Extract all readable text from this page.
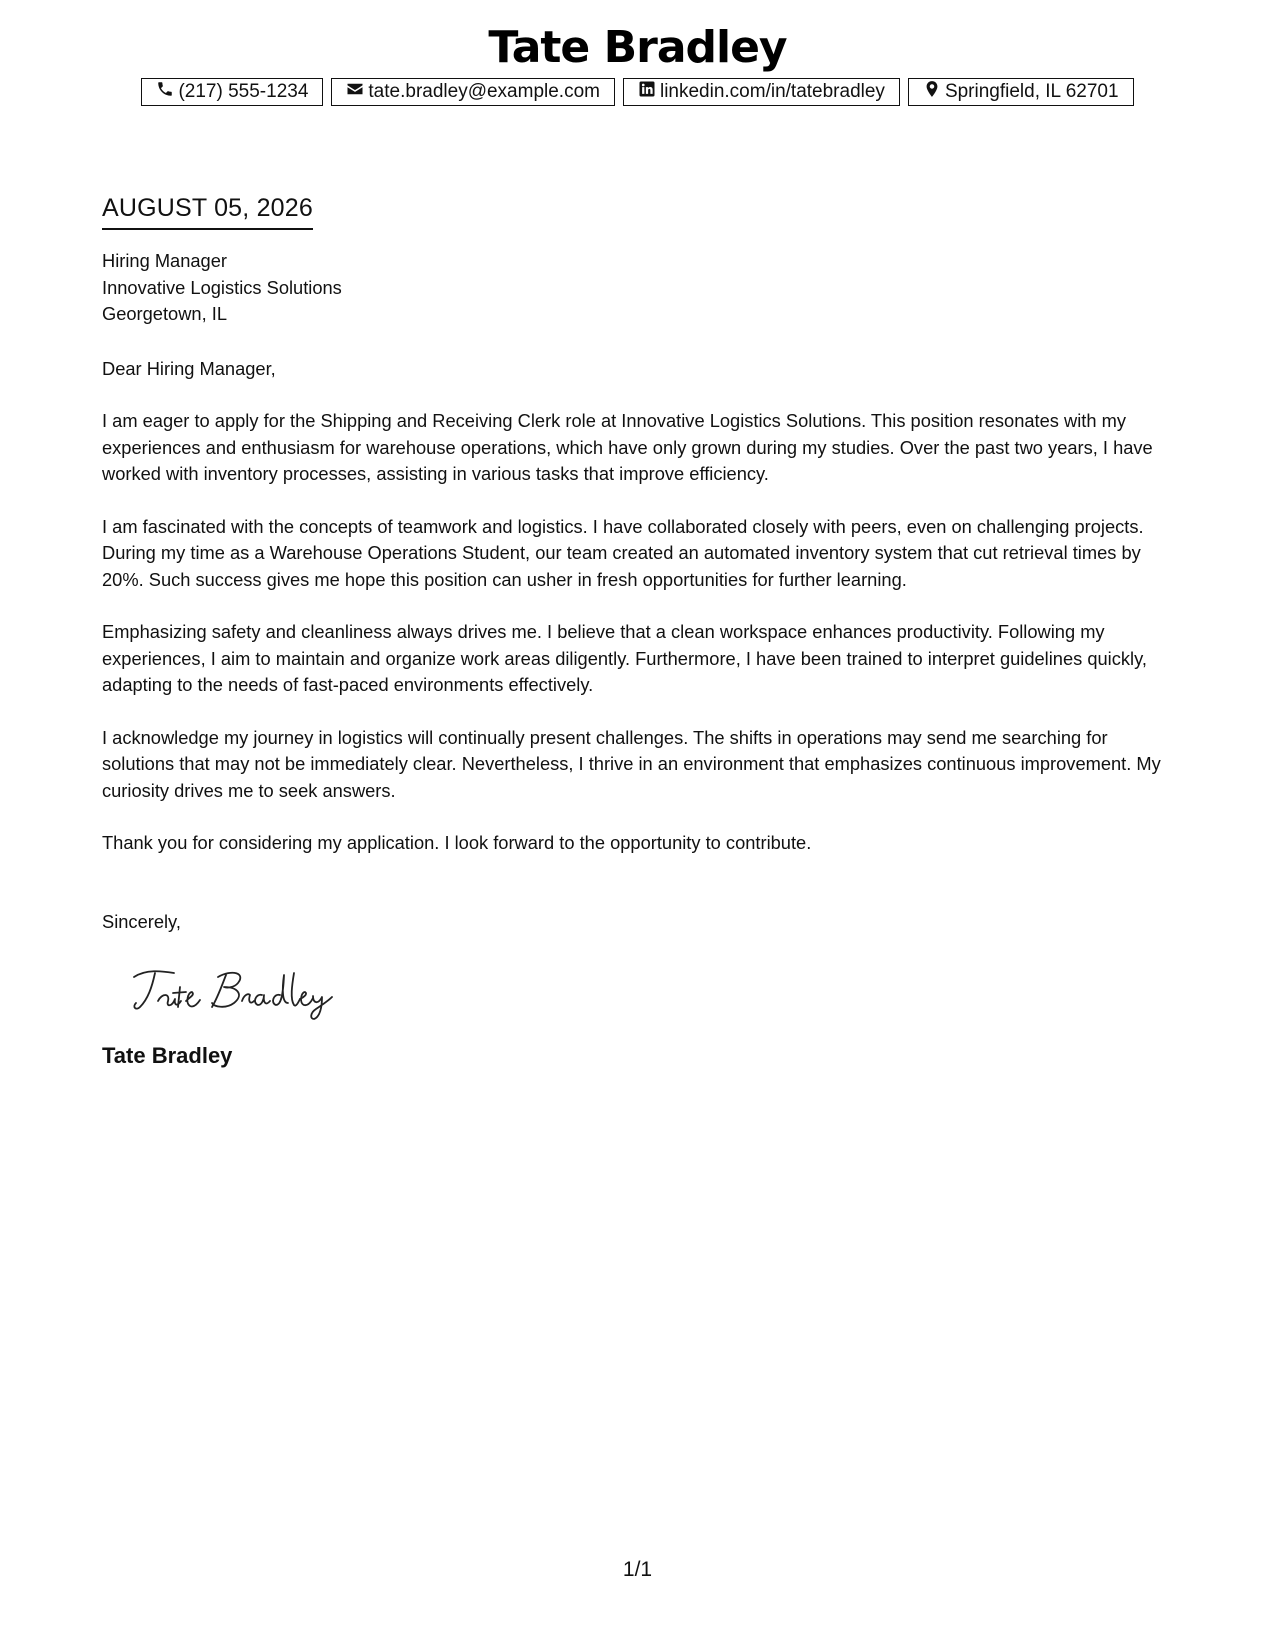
Tate Bradley
(217) 555-1234	tate.bradley@example.com	linkedin.com/in/tatebradley	Springfield, IL 62701
AUGUST 05, 2026
Hiring Manager
Innovative Logistics Solutions
Georgetown, IL
Dear Hiring Manager,

I am eager to apply for the Shipping and Receiving Clerk role at Innovative Logistics Solutions. This position resonates with my experiences and enthusiasm for warehouse operations, which have only grown during my studies. Over the past two years, I have worked with inventory processes, assisting in various tasks that improve efficiency.

I am fascinated with the concepts of teamwork and logistics. I have collaborated closely with peers, even on challenging projects. During my time as a Warehouse Operations Student, our team created an automated inventory system that cut retrieval times by 20%. Such success gives me hope this position can usher in fresh opportunities for further learning.

Emphasizing safety and cleanliness always drives me. I believe that a clean workspace enhances productivity. Following my experiences, I aim to maintain and organize work areas diligently. Furthermore, I have been trained to interpret guidelines quickly, adapting to the needs of fast-paced environments effectively.

I acknowledge my journey in logistics will continually present challenges. The shifts in operations may send me searching for solutions that may not be immediately clear. Nevertheless, I thrive in an environment that emphasizes continuous improvement. My curiosity drives me to seek answers.

Thank you for considering my application. I look forward to the opportunity to contribute.

Sincerely,
Tate Bradley
1/1
